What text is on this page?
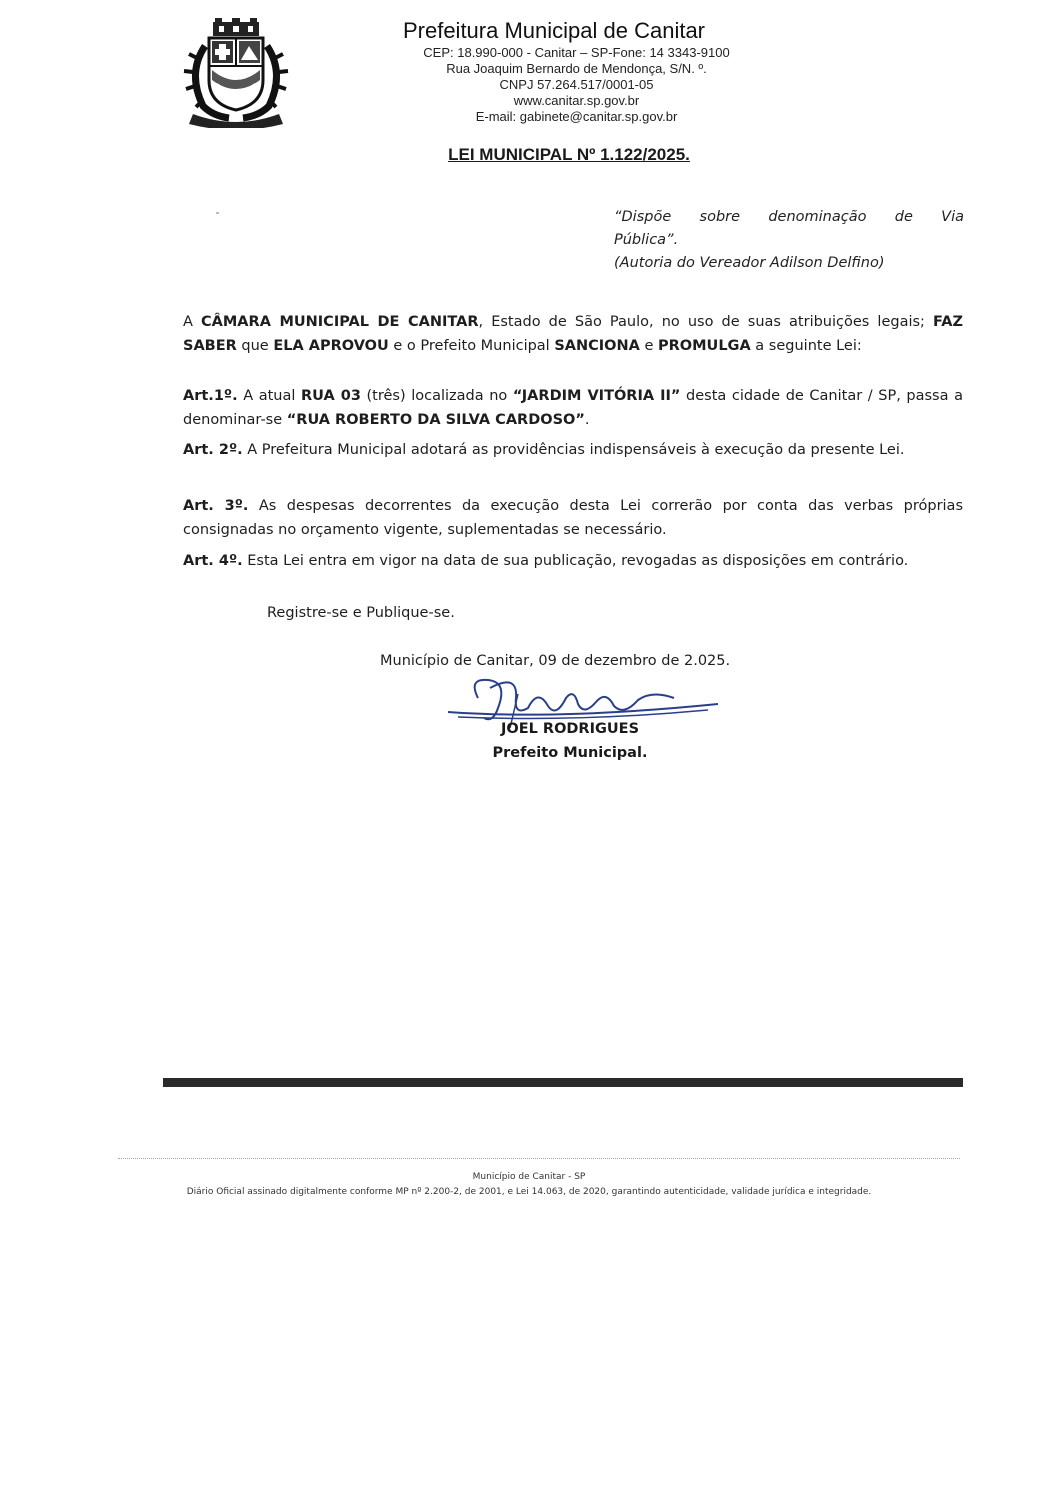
Prefeitura Municipal de Canitar
CEP: 18.990-000 - Canitar – SP-Fone: 14 3343-9100
Rua Joaquim Bernardo de Mendonça, S/N. º.
CNPJ 57.264.517/0001-05
www.canitar.sp.gov.br
E-mail: gabinete@canitar.sp.gov.br
LEI MUNICIPAL Nº 1.122/2025.
“Dispõe sobre denominação de Via
Pública”.
(Autoria do Vereador Adilson Delfino)
A CÂMARA MUNICIPAL DE CANITAR, Estado de São Paulo, no uso de suas atribuições legais; FAZ SABER que ELA APROVOU e o Prefeito Municipal SANCIONA e PROMULGA a seguinte Lei:
Art.1º. A atual RUA 03 (três) localizada no “JARDIM VITÓRIA II” desta cidade de Canitar / SP, passa a denominar-se “RUA ROBERTO DA SILVA CARDOSO”.
Art. 2º. A Prefeitura Municipal adotará as providências indispensáveis à execução da presente Lei.
Art. 3º. As despesas decorrentes da execução desta Lei correrão por conta das verbas próprias consignadas no orçamento vigente, suplementadas se necessário.
Art. 4º. Esta Lei entra em vigor na data de sua publicação, revogadas as disposições em contrário.
Registre-se e Publique-se.
Município de Canitar, 09 de dezembro de 2.025.
JOEL RODRIGUES
Prefeito Municipal.
Município de Canitar - SP
Diário Oficial assinado digitalmente conforme MP nº 2.200-2, de 2001, e Lei 14.063, de 2020, garantindo autenticidade, validade jurídica e integridade.
